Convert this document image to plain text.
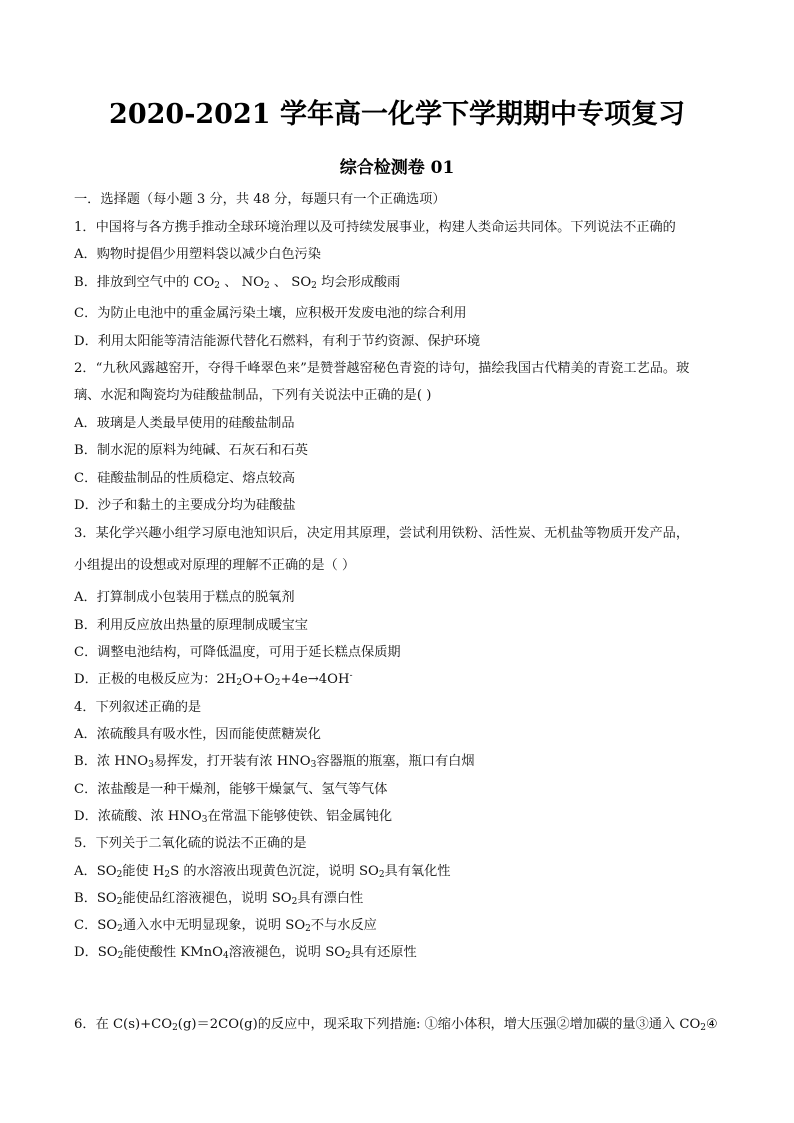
2020-2021 学年高一化学下学期期中专项复习
综合检测卷 01
一．选择题（每小题 3 分，共 48 分，每题只有一个正确选项）
1．中国将与各方携手推动全球环境治理以及可持续发展事业，构建人类命运共同体。下列说法不正确的
A．购物时提倡少用塑料袋以减少白色污染
B．排放到空气中的 $CO_2$ 、 $NO_2$ 、 $SO_2$ 均会形成酸雨
C．为防止电池中的重金属污染土壤，应积极开发废电池的综合利用
D．利用太阳能等清洁能源代替化石燃料，有利于节约资源、保护环境
2．“九秋风露越窑开，夺得千峰翠色来”是赞誉越窑秘色青瓷的诗句，描绘我国古代精美的青瓷工艺品。玻
璃、水泥和陶瓷均为硅酸盐制品，下列有关说法中正确的是( )
A．玻璃是人类最早使用的硅酸盐制品
B．制水泥的原料为纯碱、石灰石和石英
C．硅酸盐制品的性质稳定、熔点较高
D．沙子和黏土的主要成分均为硅酸盐
3．某化学兴趣小组学习原电池知识后，决定用其原理，尝试利用铁粉、活性炭、无机盐等物质开发产品，
小组提出的设想或对原理的理解不正确的是（ ）
A．打算制成小包装用于糕点的脱氧剂
B．利用反应放出热量的原理制成暖宝宝
C．调整电池结构，可降低温度，可用于延长糕点保质期
D．正极的电极反应为：$2H_2O+O_2+4e\to 4OH^-$
4．下列叙述正确的是
A．浓硫酸具有吸水性，因而能使蔗糖炭化
B．浓 $HNO_3$易挥发，打开装有浓 $HNO_3$容器瓶的瓶塞，瓶口有白烟
C．浓盐酸是一种干燥剂，能够干燥氯气、氢气等气体
D．浓硫酸、浓 $HNO_3$在常温下能够使铁、铝金属钝化
5．下列关于二氧化硫的说法不正确的是
A．$SO_2$能使 $H_2S$ 的水溶液出现黄色沉淀，说明 $SO_2$具有氧化性
B．$SO_2$能使品红溶液褪色，说明 $SO_2$具有漂白性
C．$SO_2$通入水中无明显现象，说明 $SO_2$不与水反应
D．$SO_2$能使酸性 KMnO$_4$溶液褪色，说明 $SO_2$具有还原性
6．在 $C(s)+CO_2(g)=2CO(g)$的反应中，现采取下列措施: ①缩小体积，增大压强②增加碳的量③通入 $CO_2④$
